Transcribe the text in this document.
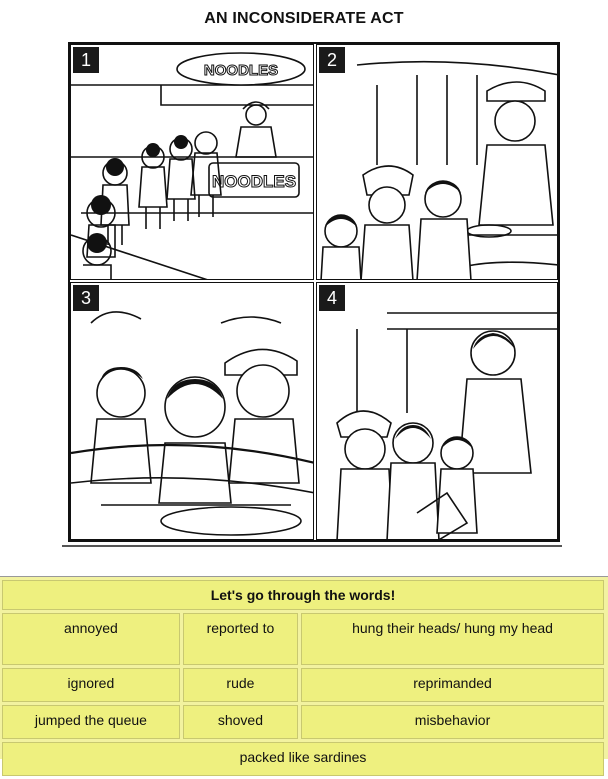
AN INCONSIDERATE ACT
1
NOODLES
NOODLES
2
3	4
Let's go through the words!		
annoyed	reported to	hung their heads/ hung my head
ignored	rude	reprimanded
jumped the queue	shoved	misbehavior
packed like sardines		
